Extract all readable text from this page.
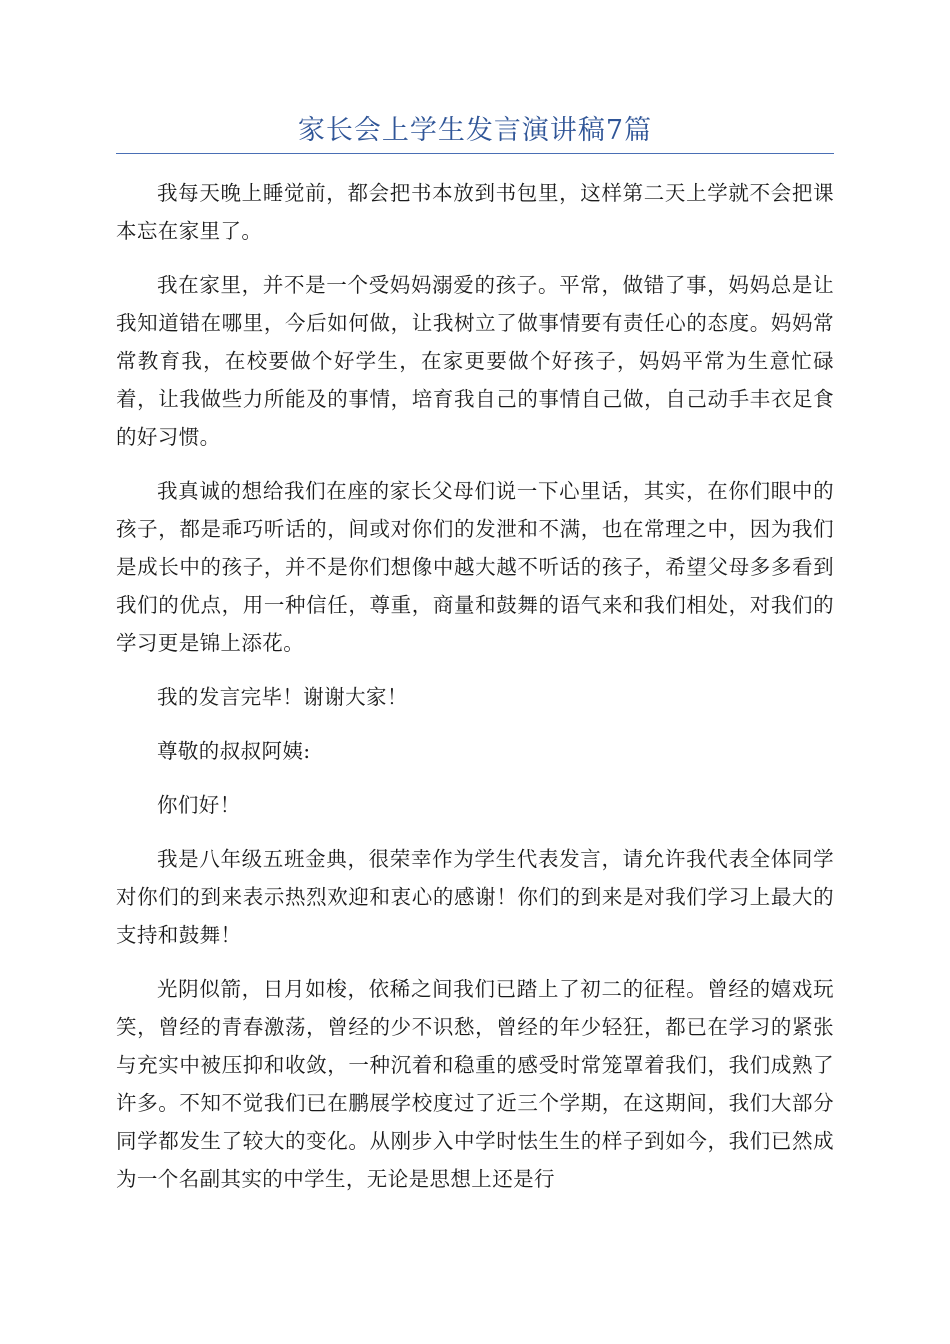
家长会上学生发言演讲稿7篇

我每天晚上睡觉前，都会把书本放到书包里，这样第二天上学就不会把课本忘在家里了。

我在家里，并不是一个受妈妈溺爱的孩子。平常，做错了事，妈妈总是让我知道错在哪里，今后如何做，让我树立了做事情要有责任心的态度。妈妈常常教育我，在校要做个好学生，在家更要做个好孩子，妈妈平常为生意忙碌着，让我做些力所能及的事情，培育我自己的事情自己做，自己动手丰衣足食的好习惯。

我真诚的想给我们在座的家长父母们说一下心里话，其实，在你们眼中的孩子，都是乖巧听话的，间或对你们的发泄和不满，也在常理之中，因为我们是成长中的孩子，并不是你们想像中越大越不听话的孩子，希望父母多多看到我们的优点，用一种信任，尊重，商量和鼓舞的语气来和我们相处，对我们的学习更是锦上添花。

我的发言完毕！谢谢大家！

尊敬的叔叔阿姨:

你们好！

我是八年级五班金典，很荣幸作为学生代表发言，请允许我代表全体同学对你们的到来表示热烈欢迎和衷心的感谢！你们的到来是对我们学习上最大的支持和鼓舞！

光阴似箭，日月如梭，依稀之间我们已踏上了初二的征程。曾经的嬉戏玩笑，曾经的青春激荡，曾经的少不识愁，曾经的年少轻狂，都已在学习的紧张与充实中被压抑和收敛，一种沉着和稳重的感受时常笼罩着我们，我们成熟了许多。不知不觉我们已在鹏展学校度过了近三个学期，在这期间，我们大部分同学都发生了较大的变化。从刚步入中学时怯生生的样子到如今，我们已然成为一个名副其实的中学生，无论是思想上还是行
